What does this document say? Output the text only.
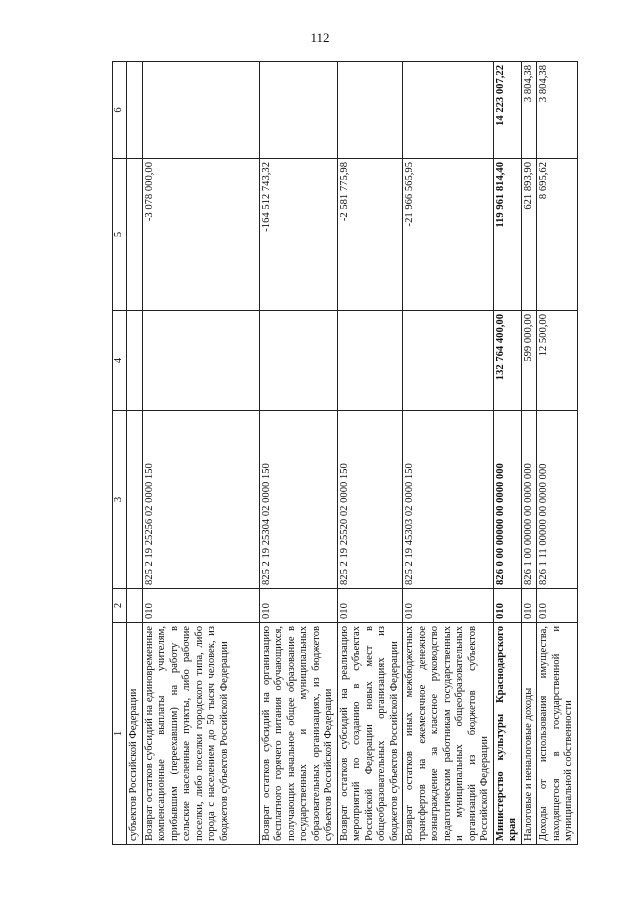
112
1	2	3	4	5	6
субъектов Российской Федерации					
Возврат остатков субсидий на единовременные компенсационные выплаты учителям, прибывшим (переехавшим) на работу в сельские населенные пункты, либо рабочие поселки, либо поселки городского типа, либо города с населением до 50 тысяч человек, из бюджетов субъектов Российской Федерации	010	825 2 19 25256 02 0000 150		-3 078 000,00	
Возврат остатков субсидий на организацию бесплатного горячего питания обучающихся, получающих начальное общее образование в государственных и муниципальных образовательных организациях, из бюджетов субъектов Российской Федерации	010	825 2 19 25304 02 0000 150		-164 512 743,32	
Возврат остатков субсидий на реализацию мероприятий по созданию в субъектах Российской Федерации новых мест в общеобразовательных организациях из бюджетов субъектов Российской Федерации	010	825 2 19 25520 02 0000 150		-2 581 775,98	
Возврат остатков иных межбюджетных трансфертов на ежемесячное денежное вознаграждение за классное руководство педагогическим работникам государственных и муниципальных общеобразовательных организаций из бюджетов субъектов Российской Федерации	010	825 2 19 45303 02 0000 150		-21 966 565,95	
Министерство культуры Краснодарского края	010	826 0 00 00000 00 0000 000	132 764 400,00	119 961 814,40	14 223 007,22
Налоговые и неналоговые доходы	010	826 1 00 00000 00 0000 000	599 000,00	621 893,90	3 804,38
Доходы от использования имущества, находящегося в государственной и муниципальной собственности	010	826 1 11 00000 00 0000 000	12 500,00	8 695,62	3 804,38
